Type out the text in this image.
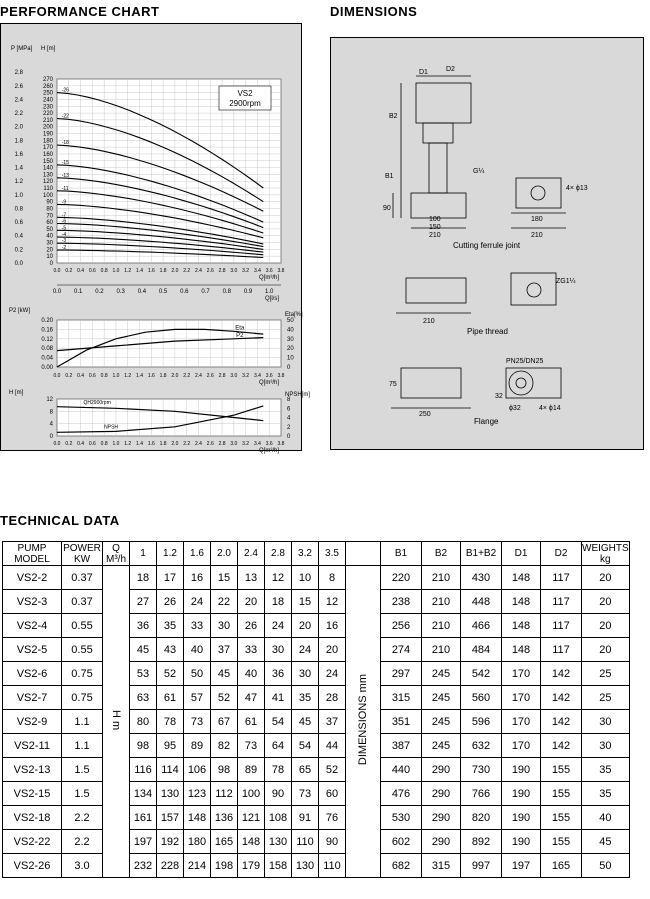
PERFORMANCE CHART	DIMENSIONS
TECHNICAL DATA
0
10
20
30
40
50
60
70
80
90
100
110
120
130
140
150
160
170
180
190
200
210
220
230
240
250
260
270
0.0
0.2
0.4
0.6
0.8
1.0
1.2
1.4
1.6
1.8
2.0
2.2
2.4
2.6
2.8
0.0 0.2 0.4 0.6 0.8 1.0 1.2 1.4 1.6 1.8 2.0 2.2 2.4 2.6 2.8 3.0 3.2 3.4 3.6 3.8
0.0 0.1 0.2 0.3 0.4 0.5 0.6 0.7 0.8 0.9 1.0
P [MPa] H [m]
Q[m³/h]
Q[l/s]
VS2
2900rpm
-26
-22
-18
-15
-13
-11
-9
-7
-6
-5
-4
-3
-2
0.00
0.04
0.08
0.12
0.16
0.20
0
10
20
30
40
50
0.0 0.2 0.4 0.6 0.8 1.0 1.2 1.4 1.6 1.8 2.0 2.2 2.4 2.6 2.8 3.0 3.2 3.4 3.6 3.8
P2 [kW]
Eta[%]
Q[m³/h]
Eta
P2
0
4
8
12
0
2
4
6
8
0.0 0.2 0.4 0.6 0.8 1.0 1.2 1.4 1.6 1.8 2.0 2.2 2.4 2.6 2.8 3.0 3.2 3.4 3.6 3.8
H [m]	NPSH[m]
Q[m³/h]
QH2900rpm
NPSH
D1	D2
B2
B1
G¼
90
100
150
210
4× ϕ13
180
210
210
ZG1¼
75
250
PN25/DN25
ϕ32	4× ϕ14
32
Cutting ferrule joint
Pipe thread
Flange
PUMP MODEL	POWER KW	Q
M³/h	1	1.2	1.6	2.0	2.4	2.8	3.2	3.5		B1	B2	B1+B2	D1	D2	WEIGHTS
kg
VS2-2	0.37	H m	18	17	16	15	13	12	10	8	DIMENSIONS mm	220	210	430	148	117	20
VS2-3	0.37		27	26	24	22	20	18	15	12		238	210	448	148	117	20
VS2-4	0.55		36	35	33	30	26	24	20	16		256	210	466	148	117	20
VS2-5	0.55		45	43	40	37	33	30	24	20		274	210	484	148	117	20
VS2-6	0.75		53	52	50	45	40	36	30	24		297	245	542	170	142	25
VS2-7	0.75		63	61	57	52	47	41	35	28		315	245	560	170	142	25
VS2-9	1.1		80	78	73	67	61	54	45	37		351	245	596	170	142	30
VS2-11	1.1		98	95	89	82	73	64	54	44		387	245	632	170	142	30
VS2-13	1.5		116	114	106	98	89	78	65	52		440	290	730	190	155	35
VS2-15	1.5		134	130	123	112	100	90	73	60		476	290	766	190	155	35
VS2-18	2.2		161	157	148	136	121	108	91	76		530	290	820	190	155	40
VS2-22	2.2		197	192	180	165	148	130	110	90		602	290	892	190	155	45
VS2-26	3.0		232	228	214	198	179	158	130	110		682	315	997	197	165	50
